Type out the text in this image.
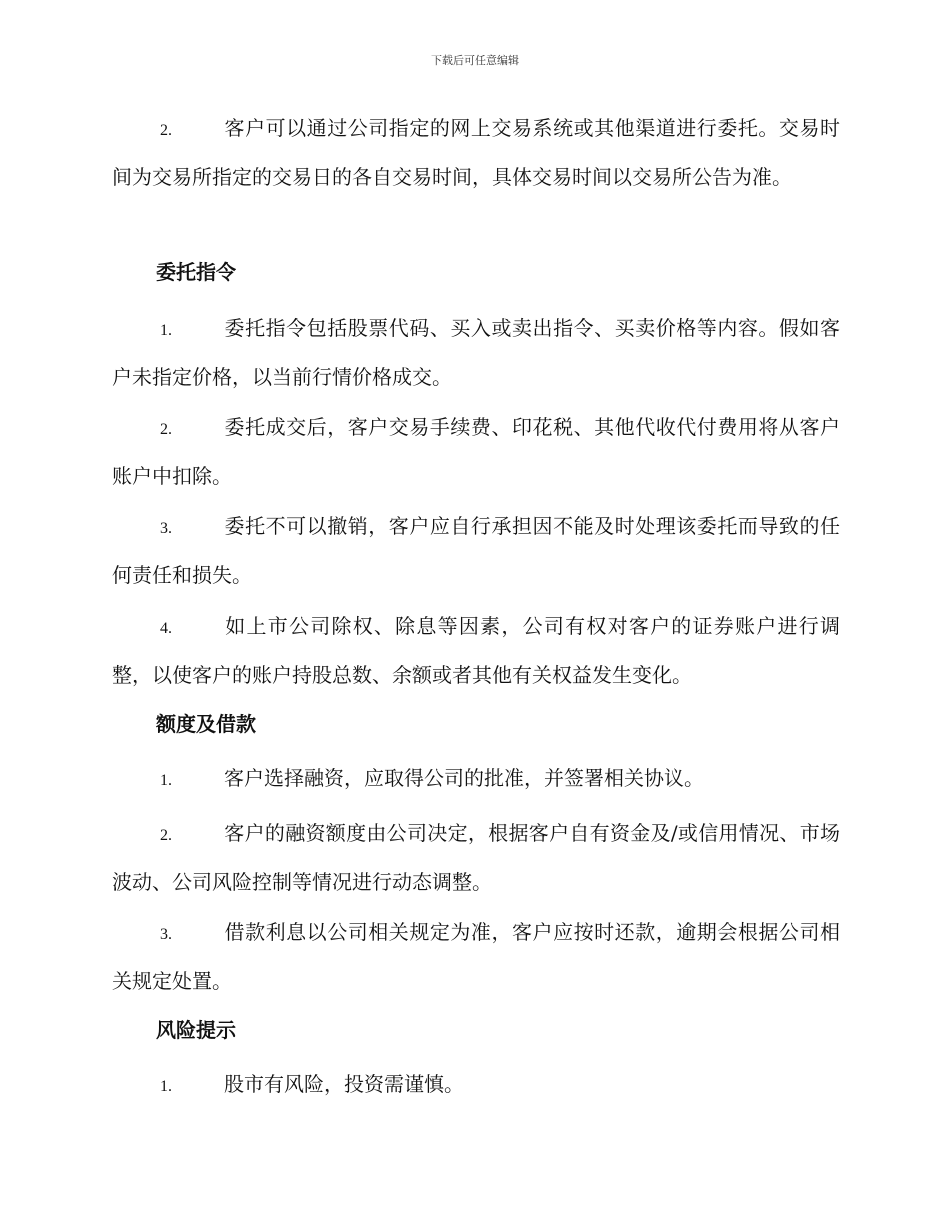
下载后可任意编辑
2.	客户可以通过公司指定的网上交易系统或其他渠道进行委托。交易时间为交易所指定的交易日的各自交易时间，具体交易时间以交易所公告为准。
委托指令
1.	委托指令包括股票代码、买入或卖出指令、买卖价格等内容。假如客户未指定价格，以当前行情价格成交。
2.	委托成交后，客户交易手续费、印花税、其他代收代付费用将从客户账户中扣除。
3.	委托不可以撤销，客户应自行承担因不能及时处理该委托而导致的任何责任和损失。
4.	如上市公司除权、除息等因素，公司有权对客户的证券账户进行调整，以使客户的账户持股总数、余额或者其他有关权益发生变化。
额度及借款
1.	客户选择融资，应取得公司的批准，并签署相关协议。
2.	客户的融资额度由公司决定，根据客户自有资金及/或信用情况、市场波动、公司风险控制等情况进行动态调整。
3.	借款利息以公司相关规定为准，客户应按时还款，逾期会根据公司相关规定处置。
风险提示
1.	股市有风险，投资需谨慎。
